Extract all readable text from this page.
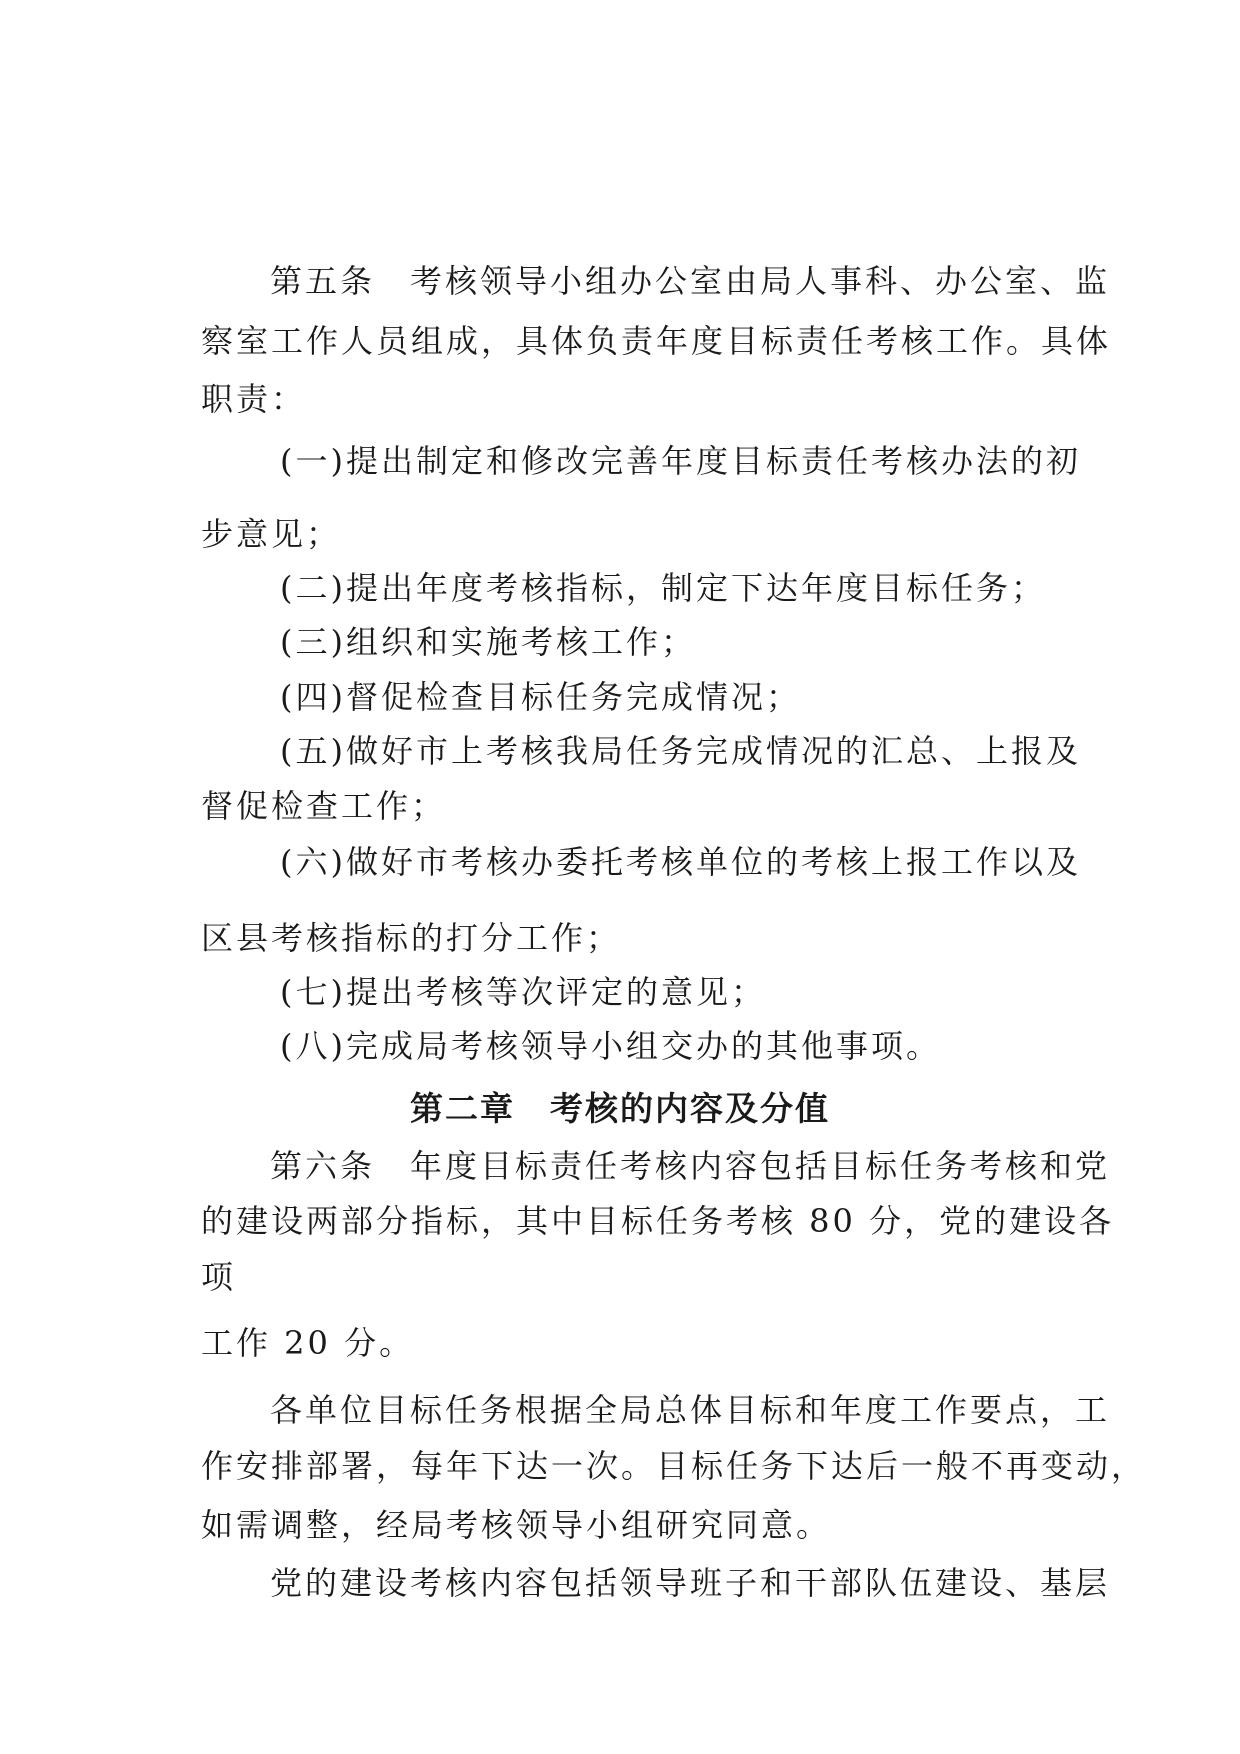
第五条　考核领导小组办公室由局人事科、办公室、监
察室工作人员组成，具体负责年度目标责任考核工作。具体
职责：
(一)提出制定和修改完善年度目标责任考核办法的初
步意见；
(二)提出年度考核指标，制定下达年度目标任务；
(三)组织和实施考核工作；
(四)督促检查目标任务完成情况；
(五)做好市上考核我局任务完成情况的汇总、上报及
督促检查工作；
(六)做好市考核办委托考核单位的考核上报工作以及
区县考核指标的打分工作；
(七)提出考核等次评定的意见；
(八)完成局考核领导小组交办的其他事项。
第二章　考核的内容及分值
第六条　年度目标责任考核内容包括目标任务考核和党
的建设两部分指标，其中目标任务考核 80 分，党的建设各
项
工作 20 分。
各单位目标任务根据全局总体目标和年度工作要点，工
作安排部署，每年下达一次。目标任务下达后一般不再变动，
如需调整，经局考核领导小组研究同意。
党的建设考核内容包括领导班子和干部队伍建设、基层
